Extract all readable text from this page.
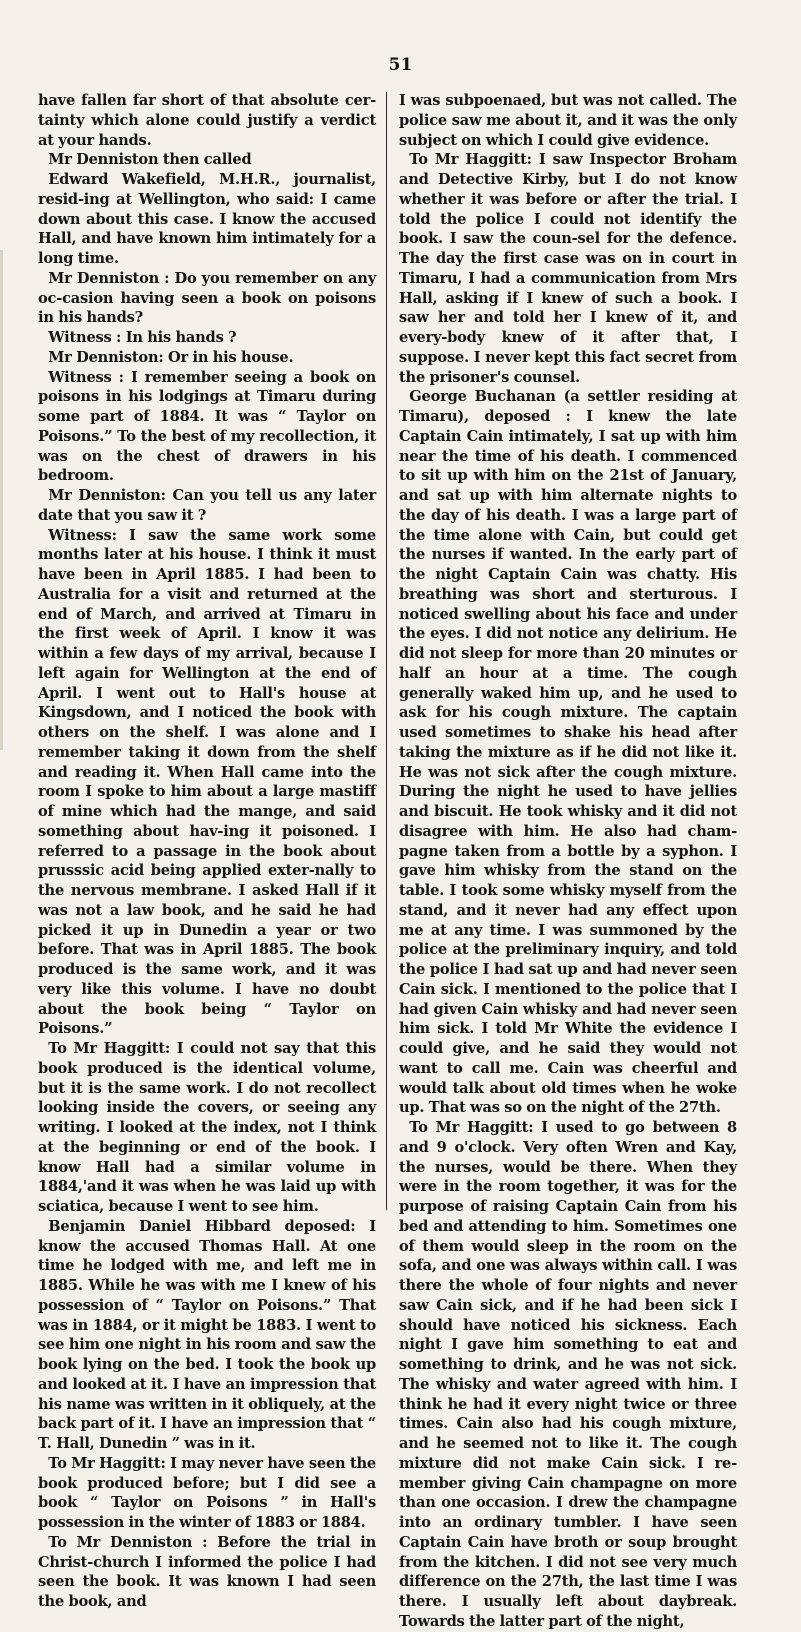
51

have fallen far short of that absolute cer-tainty which alone could justify a verdict at your hands.

Mr Denniston then called

Edward Wakefield, M.H.R., journalist, resid-ing at Wellington, who said: I came down about this case. I know the accused Hall, and have known him intimately for a long time.

Mr Denniston : Do you remember on any oc-casion having seen a book on poisons in his hands?

Witness : In his hands ?

Mr Denniston: Or in his house.

Witness : I remember seeing a book on poisons in his lodgings at Timaru during some part of 1884. It was “ Taylor on Poisons.” To the best of my recollection, it was on the chest of drawers in his bedroom.

Mr Denniston: Can you tell us any later date that you saw it ?

Witness: I saw the same work some months later at his house. I think it must have been in April 1885. I had been to Australia for a visit and returned at the end of March, and arrived at Timaru in the first week of April. I know it was within a few days of my arrival, because I left again for Wellington at the end of April. I went out to Hall's house at Kingsdown, and I noticed the book with others on the shelf. I was alone and I remember taking it down from the shelf and reading it. When Hall came into the room I spoke to him about a large mastiff of mine which had the mange, and said something about hav-ing it poisoned. I referred to a passage in the book about prusssic acid being applied exter-nally to the nervous membrane. I asked Hall if it was not a law book, and he said he had picked it up in Dunedin a year or two before. That was in April 1885. The book produced is the same work, and it was very like this volume. I have no doubt about the book being “ Taylor on Poisons.”

To Mr Haggitt: I could not say that this book produced is the identical volume, but it is the same work. I do not recollect looking inside the covers, or seeing any writing. I looked at the index, not I think at the beginning or end of the book. I know Hall had a similar volume in 1884,'and it was when he was laid up with sciatica, because I went to see him.

Benjamin Daniel Hibbard deposed: I know the accused Thomas Hall. At one time he lodged with me, and left me in 1885. While he was with me I knew of his possession of “ Taylor on Poisons.” That was in 1884, or it might be 1883. I went to see him one night in his room and saw the book lying on the bed. I took the book up and looked at it. I have an impression that his name was written in it obliquely, at the back part of it. I have an impression that “ T. Hall, Dunedin ” was in it.

To Mr Haggitt: I may never have seen the book produced before; but I did see a book “ Taylor on Poisons ” in Hall's possession in the winter of 1883 or 1884.

To Mr Denniston : Before the trial in Christ-church I informed the police I had seen the book. It was known I had seen the book, and

I was subpoenaed, but was not called. The police saw me about it, and it was the only subject on which I could give evidence.

To Mr Haggitt: I saw Inspector Broham and Detective Kirby, but I do not know whether it was before or after the trial. I told the police I could not identify the book. I saw the coun-sel for the defence. The day the first case was on in court in Timaru, I had a communication from Mrs Hall, asking if I knew of such a book. I saw her and told her I knew of it, and every-body knew of it after that, I suppose. I never kept this fact secret from the prisoner's counsel.

George Buchanan (a settler residing at Timaru), deposed : I knew the late Captain Cain intimately, I sat up with him near the time of his death. I commenced to sit up with him on the 21st of January, and sat up with him alternate nights to the day of his death. I was a large part of the time alone with Cain, but could get the nurses if wanted. In the early part of the night Captain Cain was chatty. His breathing was short and sterturous. I noticed swelling about his face and under the eyes. I did not notice any delirium. He did not sleep for more than 20 minutes or half an hour at a time. The cough generally waked him up, and he used to ask for his cough mixture. The captain used sometimes to shake his head after taking the mixture as if he did not like it. He was not sick after the cough mixture. During the night he used to have jellies and biscuit. He took whisky and it did not disagree with him. He also had cham-pagne taken from a bottle by a syphon. I gave him whisky from the stand on the table. I took some whisky myself from the stand, and it never had any effect upon me at any time. I was summoned by the police at the preliminary inquiry, and told the police I had sat up and had never seen Cain sick. I mentioned to the police that I had given Cain whisky and had never seen him sick. I told Mr White the evidence I could give, and he said they would not want to call me. Cain was cheerful and would talk about old times when he woke up. That was so on the night of the 27th.

To Mr Haggitt: I used to go between 8 and 9 o'clock. Very often Wren and Kay, the nurses, would be there. When they were in the room together, it was for the purpose of raising Captain Cain from his bed and attending to him. Sometimes one of them would sleep in the room on the sofa, and one was always within call. I was there the whole of four nights and never saw Cain sick, and if he had been sick I should have noticed his sickness. Each night I gave him something to eat and something to drink, and he was not sick. The whisky and water agreed with him. I think he had it every night twice or three times. Cain also had his cough mixture, and he seemed not to like it. The cough mixture did not make Cain sick. I re-member giving Cain champagne on more than one occasion. I drew the champagne into an ordinary tumbler. I have seen Captain Cain have broth or soup brought from the kitchen. I did not see very much difference on the 27th, the last time I was there. I usually left about daybreak. Towards the latter part of the night,
